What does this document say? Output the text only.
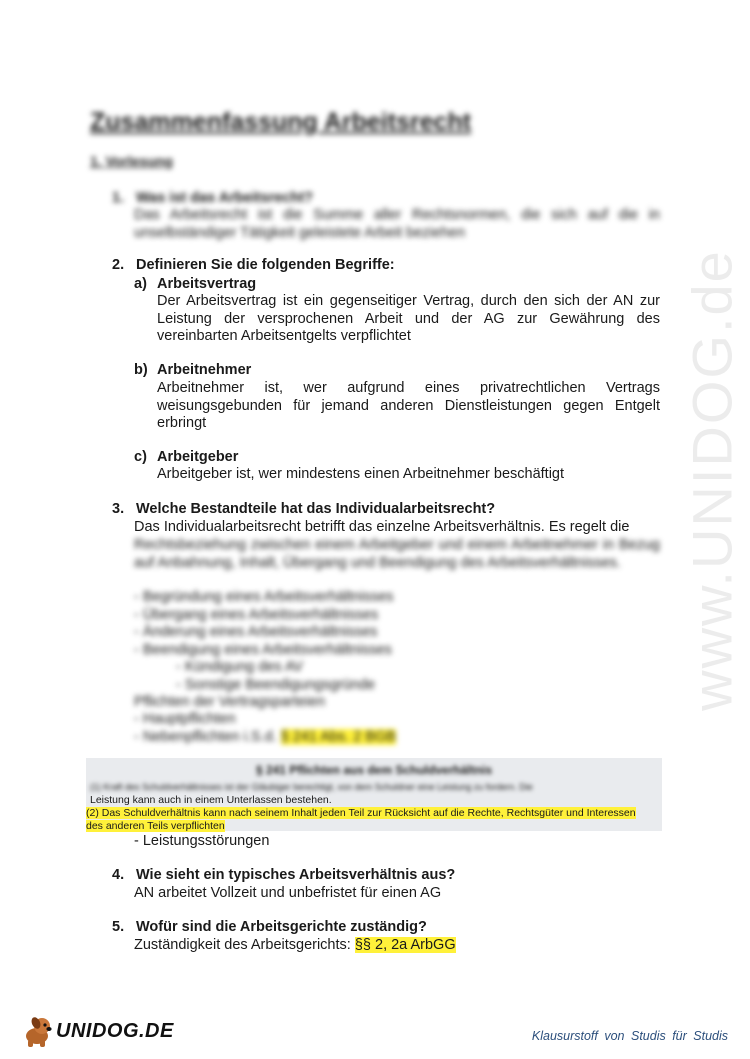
www.UNIDOG.de
Zusammenfassung Arbeitsrecht
1. Vorlesung
1. Was ist das Arbeitsrecht?
Das Arbeitsrecht ist die Summe aller Rechtsnormen, die sich auf die in unselbständiger Tätigkeit geleistete Arbeit beziehen
2. Definieren Sie die folgenden Begriffe:
a) Arbeitsvertrag
Der Arbeitsvertrag ist ein gegenseitiger Vertrag, durch den sich der AN zur Leistung der versprochenen Arbeit und der AG zur Gewährung des vereinbarten Arbeitsentgelts verpflichtet
b) Arbeitnehmer
Arbeitnehmer ist, wer aufgrund eines privatrechtlichen Vertrags weisungsgebunden für jemand anderen Dienstleistungen gegen Entgelt erbringt
c) Arbeitgeber
Arbeitgeber ist, wer mindestens einen Arbeitnehmer beschäftigt
3. Welche Bestandteile hat das Individualarbeitsrecht?
Das Individualarbeitsrecht betrifft das einzelne Arbeitsverhältnis. Es regelt die
Rechtsbeziehung zwischen einem Arbeitgeber und einem Arbeitnehmer in Bezug auf Anbahnung, Inhalt, Übergang und Beendigung des Arbeitsverhältnisses.
- Begründung eines Arbeitsverhältnisses
- Übergang eines Arbeitsverhältnisses
- Änderung eines Arbeitsverhältnisses
- Beendigung eines Arbeitsverhältnisses
- Kündigung des AV
- Sonstige Beendigungsgründe
Pflichten der Vertragsparteien
- Hauptpflichten
- Nebenpflichten i.S.d. § 241 Abs. 2 BGB
§ 241 Pflichten aus dem Schuldverhältnis
(1) Kraft des Schuldverhältnisses ist der Gläubiger berechtigt, von dem Schuldner eine Leistung zu fordern. Die
Leistung kann auch in einem Unterlassen bestehen.
(2) Das Schuldverhältnis kann nach seinem Inhalt jeden Teil zur Rücksicht auf die Rechte, Rechtsgüter und Interessen des anderen Teils verpflichten
- Leistungsstörungen
4. Wie sieht ein typisches Arbeitsverhältnis aus?
AN arbeitet Vollzeit und unbefristet für einen AG
5. Wofür sind die Arbeitsgerichte zuständig?
Zuständigkeit des Arbeitsgerichts: §§ 2, 2a ArbGG
UNIDOG.DE	Klausurstoff von Studis für Studis
